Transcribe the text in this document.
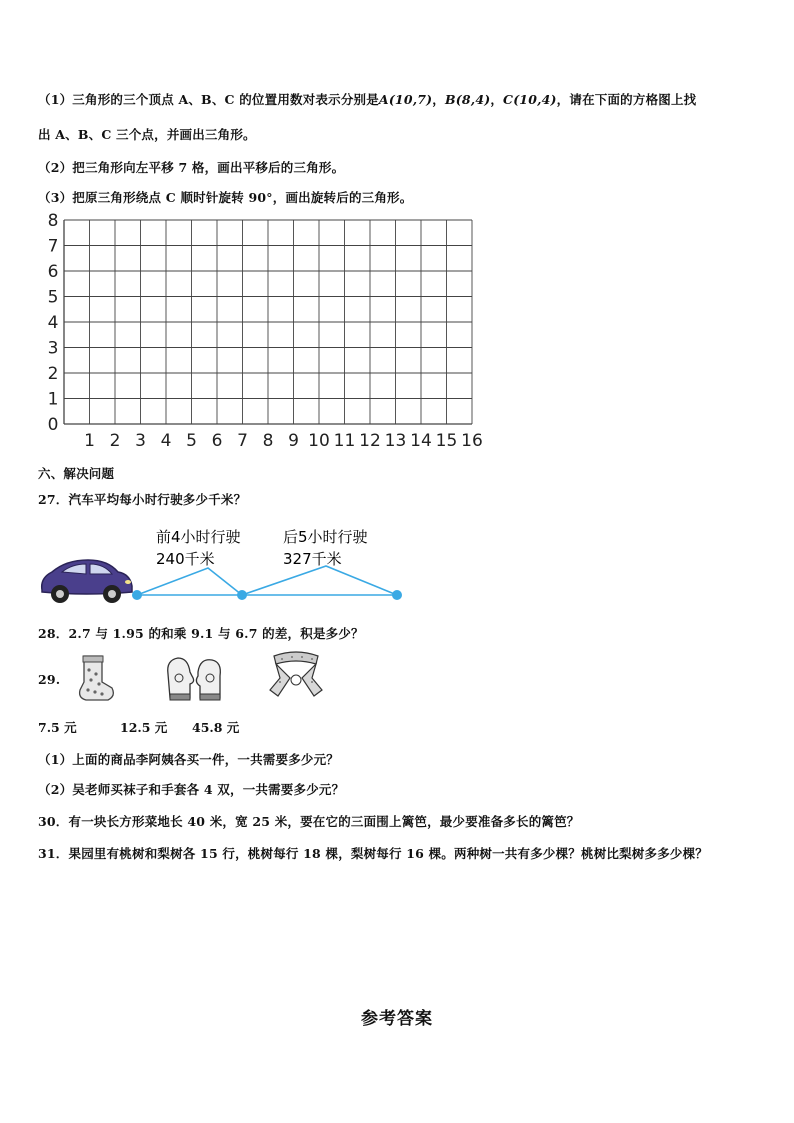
（1）三角形的三个顶点 A、B、C 的位置用数对表示分别是A(10,7)，B(8,4)，C(10,4)，请在下面的方格图上找
出 A、B、C 三个点，并画出三角形。
（2）把三角形向左平移 7 格，画出平移后的三角形。
（3）把原三角形绕点 C 顺时针旋转 90°，画出旋转后的三角形。
1 2 3 4 5 6 7 8 9 10 11 12 13 14 15 16
0
1
2
3
4
5
6
7
8
六、解决问题
27．汽车平均每小时行驶多少千米？
前4小时行驶
240千米
后5小时行驶
327千米
28．2.7 与 1.95 的和乘 9.1 与 6.7 的差，积是多少？
29.
7.5 元	12.5 元 45.8 元
（1）上面的商品李阿姨各买一件，一共需要多少元？
（2）吴老师买袜子和手套各 4 双，一共需要多少元？
30．有一块长方形菜地长 40 米，宽 25 米，要在它的三面围上篱笆，最少要准备多长的篱笆？
31．果园里有桃树和梨树各 15 行，桃树每行 18 棵，梨树每行 16 棵。两种树一共有多少棵？桃树比梨树多多少棵？
参考答案
